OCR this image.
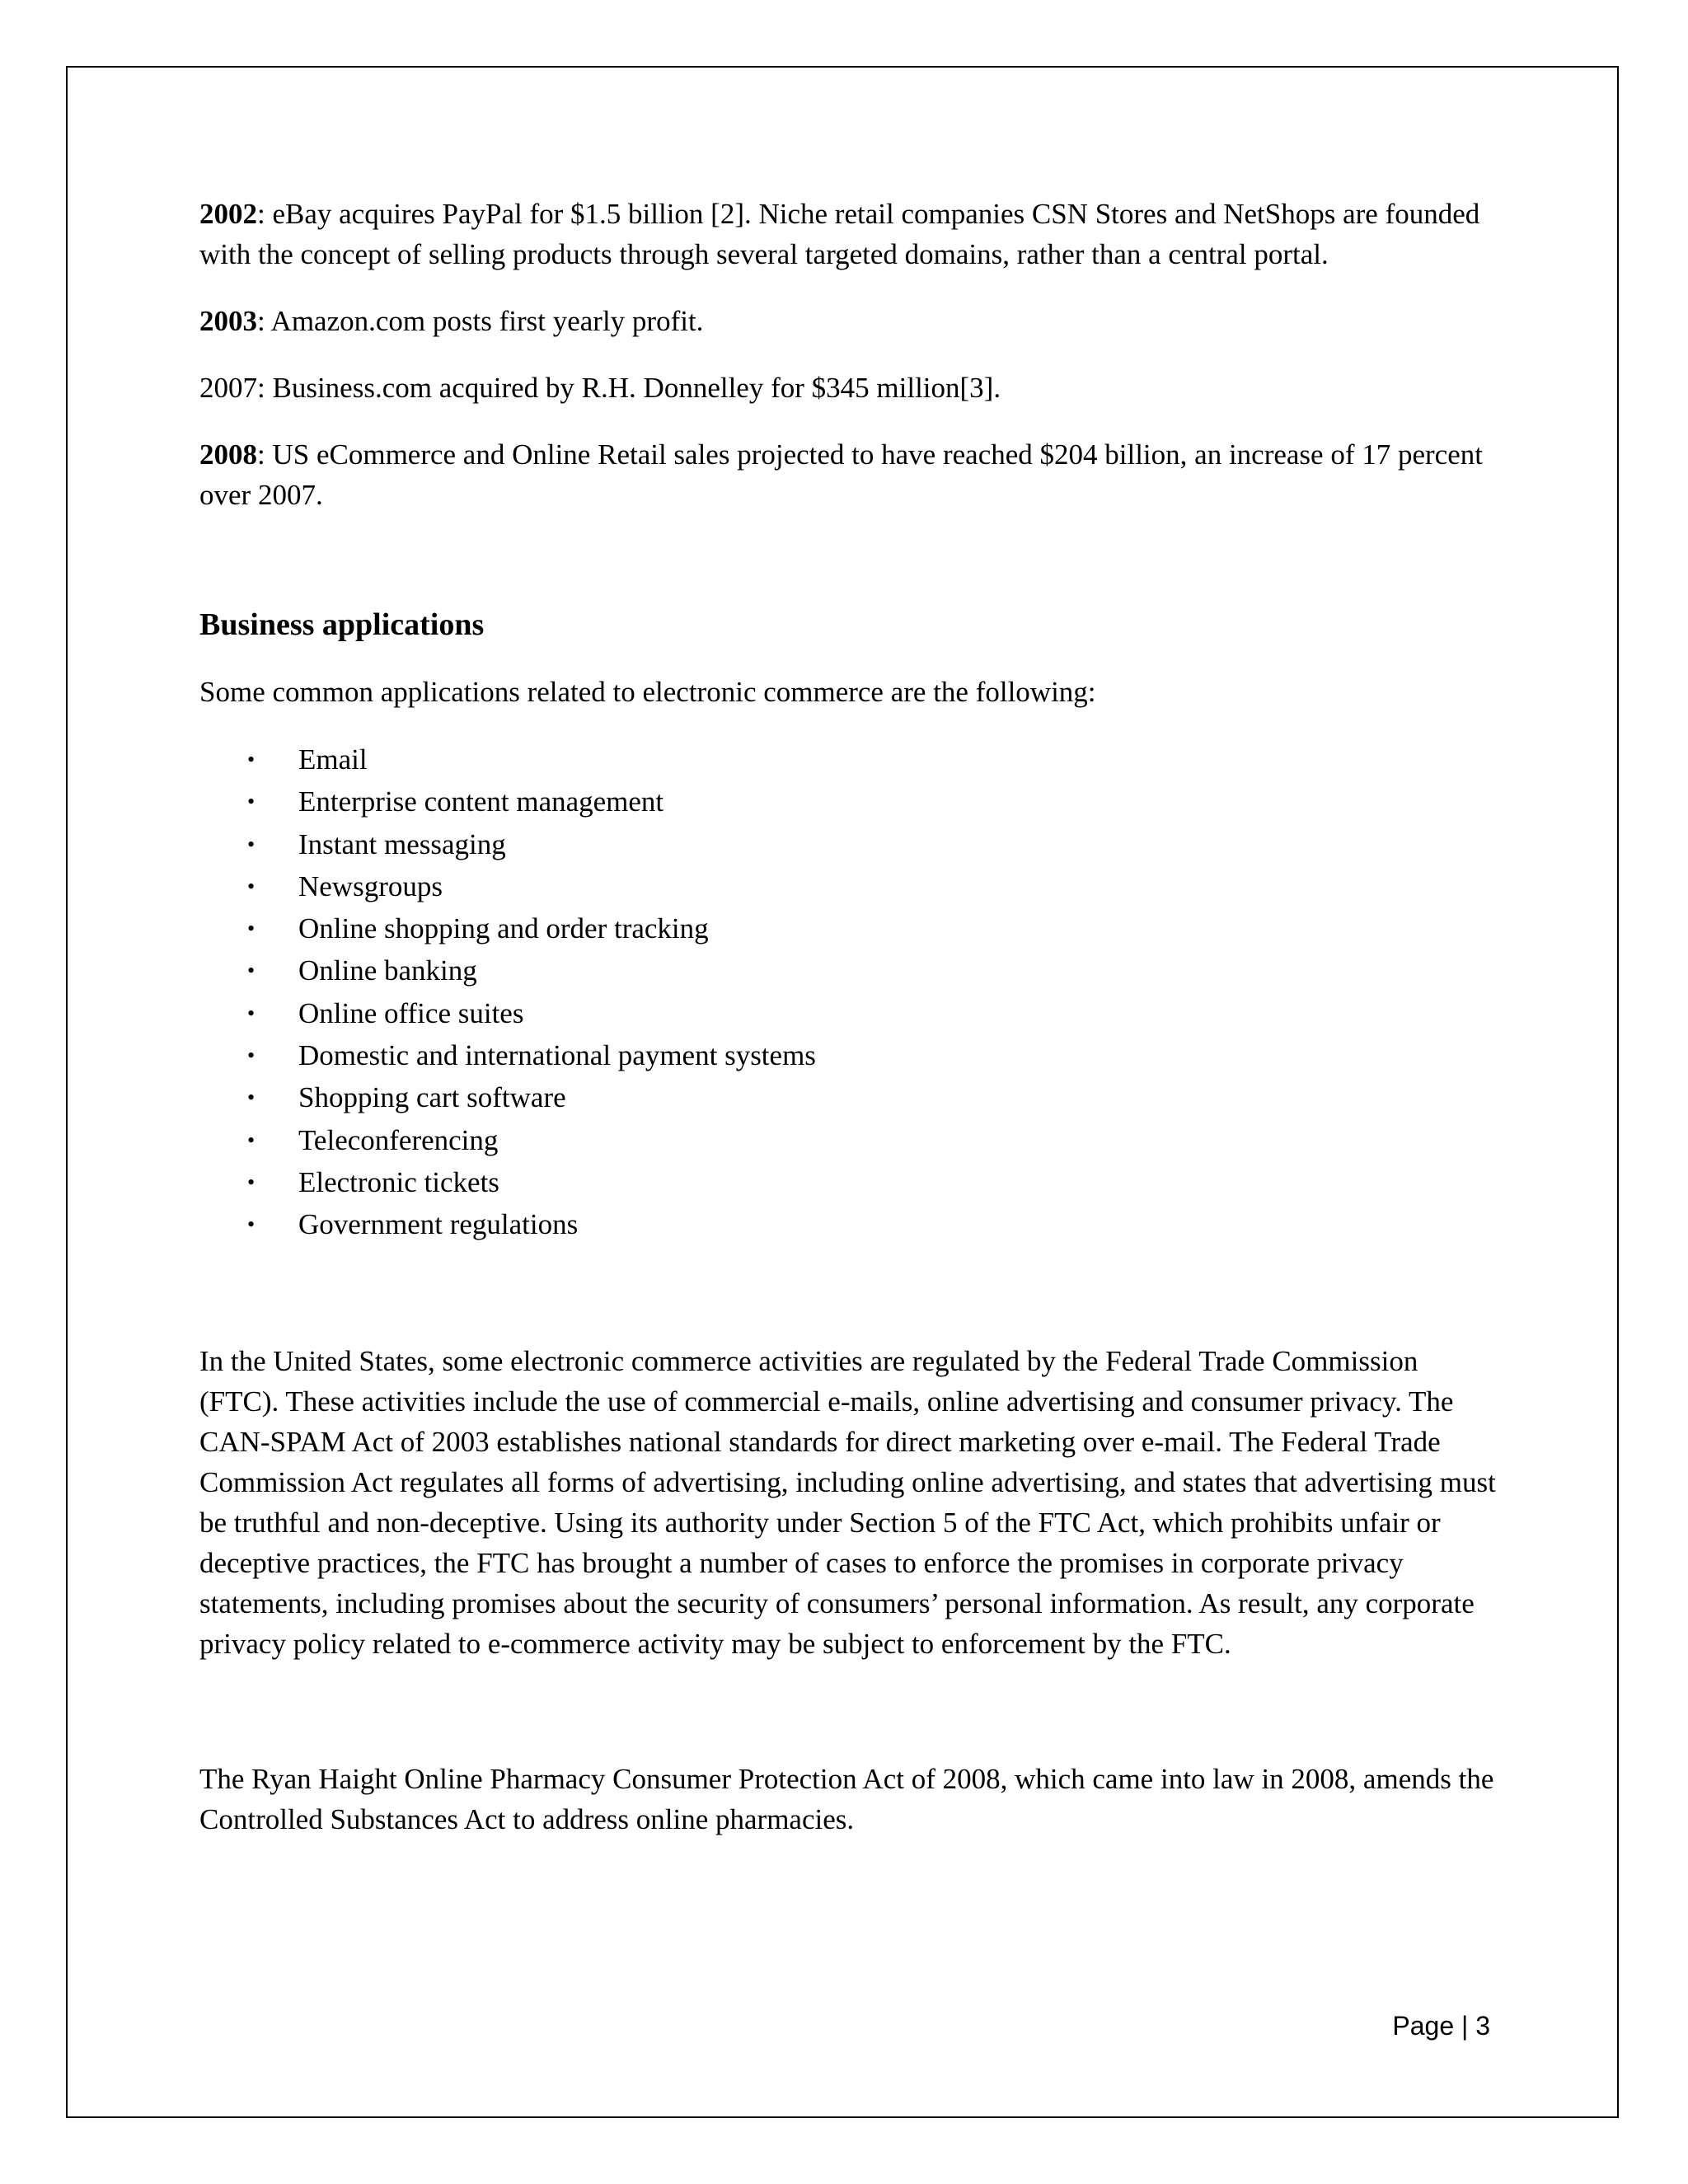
2002: eBay acquires PayPal for $1.5 billion [2]. Niche retail companies CSN Stores and NetShops are founded with the concept of selling products through several targeted domains, rather than a central portal.

2003: Amazon.com posts first yearly profit.

2007: Business.com acquired by R.H. Donnelley for $345 million[3].

2008: US eCommerce and Online Retail sales projected to have reached $204 billion, an increase of 17 percent over 2007.

Business applications

Some common applications related to electronic commerce are the following:

• Email
• Enterprise content management
• Instant messaging
• Newsgroups
• Online shopping and order tracking
• Online banking
• Online office suites
• Domestic and international payment systems
• Shopping cart software
• Teleconferencing
• Electronic tickets
• Government regulations

In the United States, some electronic commerce activities are regulated by the Federal Trade Commission (FTC). These activities include the use of commercial e-mails, online advertising and consumer privacy. The CAN-SPAM Act of 2003 establishes national standards for direct marketing over e-mail. The Federal Trade Commission Act regulates all forms of advertising, including online advertising, and states that advertising must be truthful and non-deceptive. Using its authority under Section 5 of the FTC Act, which prohibits unfair or deceptive practices, the FTC has brought a number of cases to enforce the promises in corporate privacy statements, including promises about the security of consumers’ personal information. As result, any corporate privacy policy related to e-commerce activity may be subject to enforcement by the FTC.

The Ryan Haight Online Pharmacy Consumer Protection Act of 2008, which came into law in 2008, amends the Controlled Substances Act to address online pharmacies.

Page | 3
